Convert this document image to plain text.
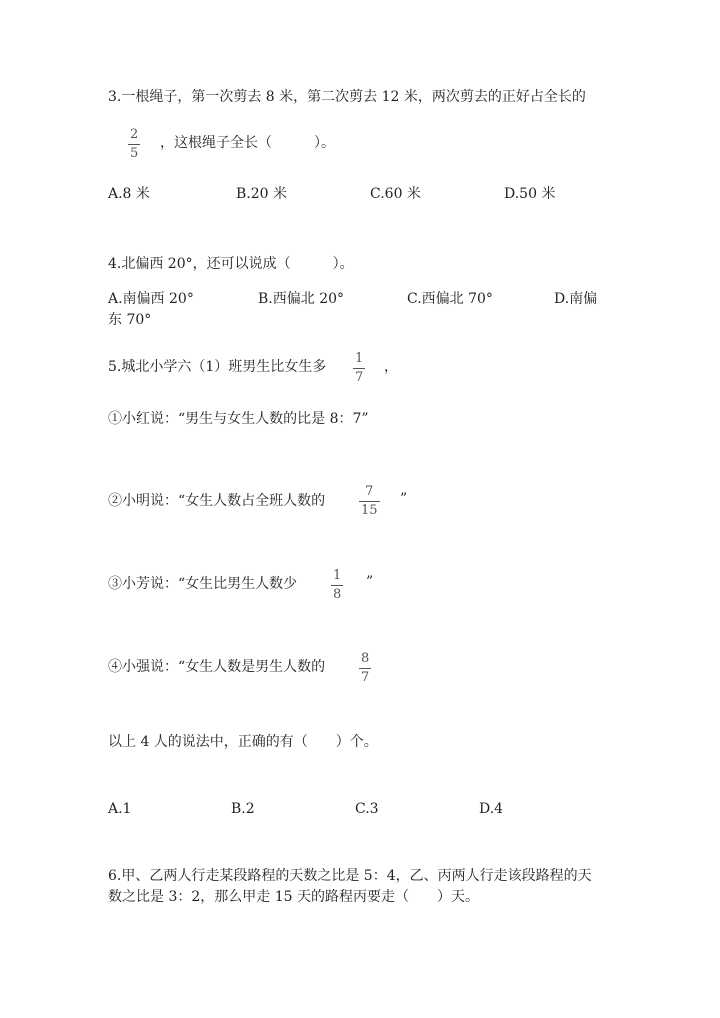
3.一根绳子，第一次剪去 8 米，第二次剪去 12 米，两次剪去的正好占全长的
2
5
，这根绳子全长（　　　）。
A.8 米	B.20 米	C.60 米	D.50 米
4.北偏西 20°，还可以说成（　　　）。
A.南偏西 20°	B.西偏北 20°	C.西偏北 70°	D.南偏
东 70°
5.城北小学六（1）班男生比女生多
1
7
，
①小红说：“男生与女生人数的比是 8：7”
②小明说：“女生人数占全班人数的
7
15
”
③小芳说：“女生比男生人数少
1
8
”
④小强说：“女生人数是男生人数的
8
7
以上 4 人的说法中，正确的有（　　）个。
A.1	B.2	C.3	D.4
6.甲、乙两人行走某段路程的天数之比是 5：4，乙、丙两人行走该段路程的天
数之比是 3：2，那么甲走 15 天的路程丙要走（　　）天。
